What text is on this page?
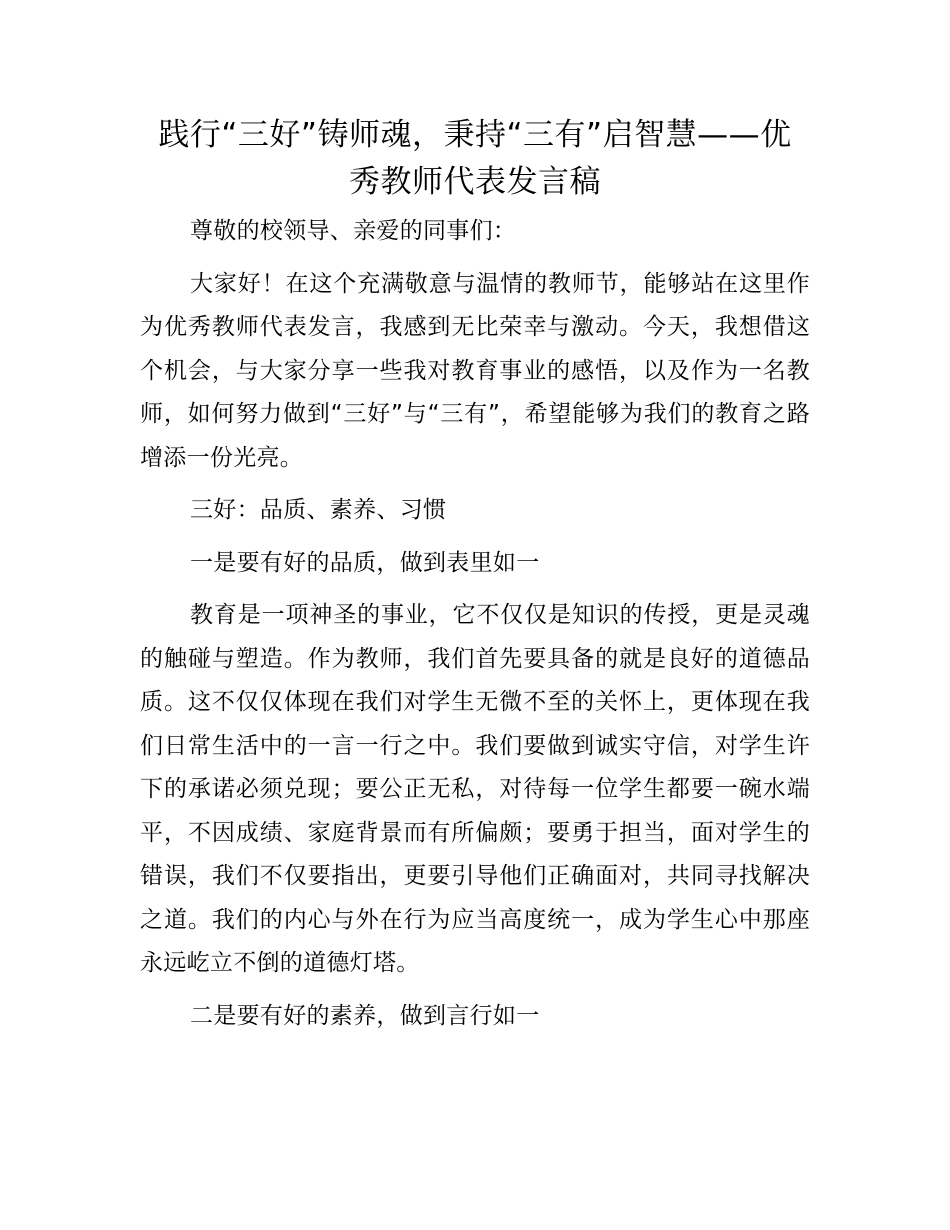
践行“三好”铸师魂，秉持“三有”启智慧——优
秀教师代表发言稿

尊敬的校领导、亲爱的同事们：

大家好！在这个充满敬意与温情的教师节，能够站在这里作为优秀教师代表发言，我感到无比荣幸与激动。今天，我想借这个机会，与大家分享一些我对教育事业的感悟，以及作为一名教师，如何努力做到“三好”与“三有”，希望能够为我们的教育之路增添一份光亮。

三好：品质、素养、习惯

一是要有好的品质，做到表里如一

教育是一项神圣的事业，它不仅仅是知识的传授，更是灵魂的触碰与塑造。作为教师，我们首先要具备的就是良好的道德品质。这不仅仅体现在我们对学生无微不至的关怀上，更体现在我们日常生活中的一言一行之中。我们要做到诚实守信，对学生许下的承诺必须兑现；要公正无私，对待每一位学生都要一碗水端平，不因成绩、家庭背景而有所偏颇；要勇于担当，面对学生的错误，我们不仅要指出，更要引导他们正确面对，共同寻找解决之道。我们的内心与外在行为应当高度统一，成为学生心中那座永远屹立不倒的道德灯塔。

二是要有好的素养，做到言行如一
